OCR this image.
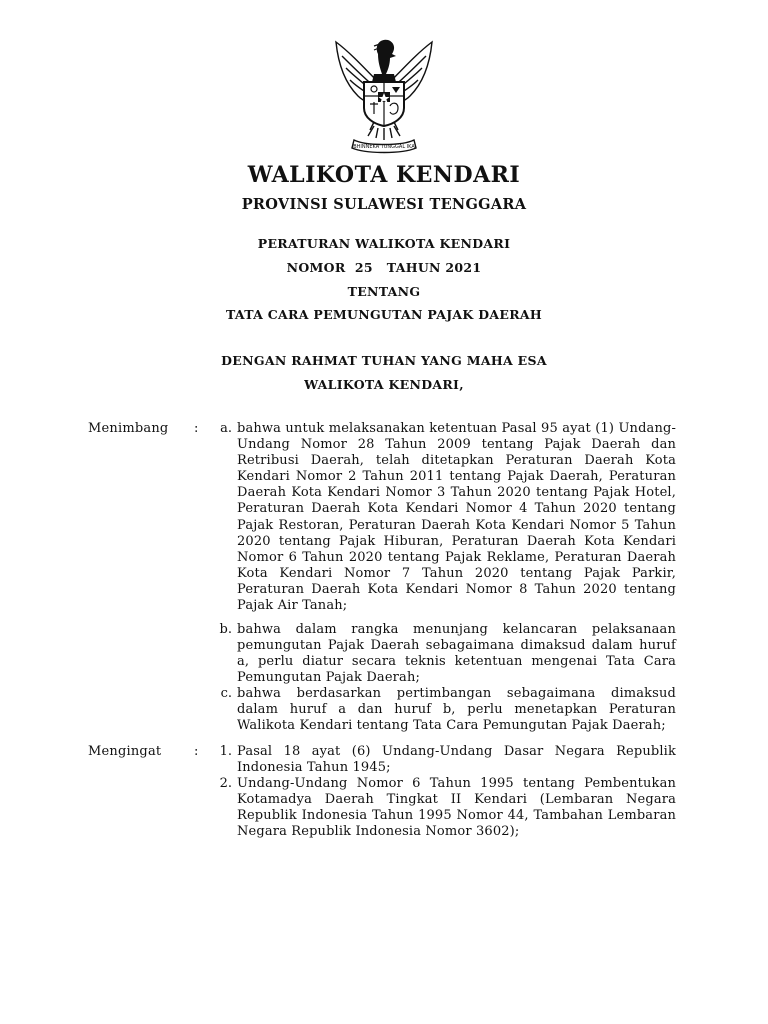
BHINNEKA TUNGGAL IKA
WALIKOTA KENDARI
PROVINSI SULAWESI TENGGARA
PERATURAN WALIKOTA KENDARI
NOMOR  25   TAHUN 2021
TENTANG
TATA CARA PEMUNGUTAN PAJAK DAERAH
DENGAN RAHMAT TUHAN YANG MAHA ESA
WALIKOTA KENDARI,
Menimbang :	a. bahwa untuk melaksanakan ketentuan Pasal 95 ayat (1) Undang-Undang Nomor 28 Tahun 2009 tentang Pajak Daerah dan Retribusi Daerah, telah ditetapkan Peraturan Daerah Kota Kendari Nomor 2 Tahun 2011 tentang Pajak Daerah, Peraturan Daerah Kota Kendari Nomor 3 Tahun 2020 tentang Pajak Hotel, Peraturan Daerah Kota Kendari Nomor 4 Tahun 2020 tentang Pajak Restoran, Peraturan Daerah Kota Kendari Nomor 5 Tahun 2020 tentang Pajak Hiburan, Peraturan Daerah Kota Kendari Nomor 6 Tahun 2020 tentang Pajak Reklame, Peraturan Daerah Kota Kendari Nomor 7 Tahun 2020 tentang Pajak Parkir, Peraturan Daerah Kota Kendari Nomor 8 Tahun 2020 tentang Pajak Air Tanah;
b. bahwa dalam rangka menunjang kelancaran pelaksanaan pemungutan Pajak Daerah sebagaimana dimaksud dalam huruf a, perlu diatur secara teknis ketentuan mengenai Tata Cara Pemungutan Pajak Daerah;
c. bahwa berdasarkan pertimbangan sebagaimana dimaksud dalam huruf a dan huruf b, perlu menetapkan Peraturan Walikota Kendari tentang Tata Cara Pemungutan Pajak Daerah;
Mengingat	:	1. Pasal 18 ayat (6) Undang-Undang Dasar Negara Republik Indonesia Tahun 1945;
2. Undang-Undang Nomor 6 Tahun 1995 tentang Pembentukan Kotamadya Daerah Tingkat II Kendari (Lembaran Negara Republik Indonesia Tahun 1995 Nomor 44, Tambahan Lembaran Negara Republik Indonesia Nomor 3602);
